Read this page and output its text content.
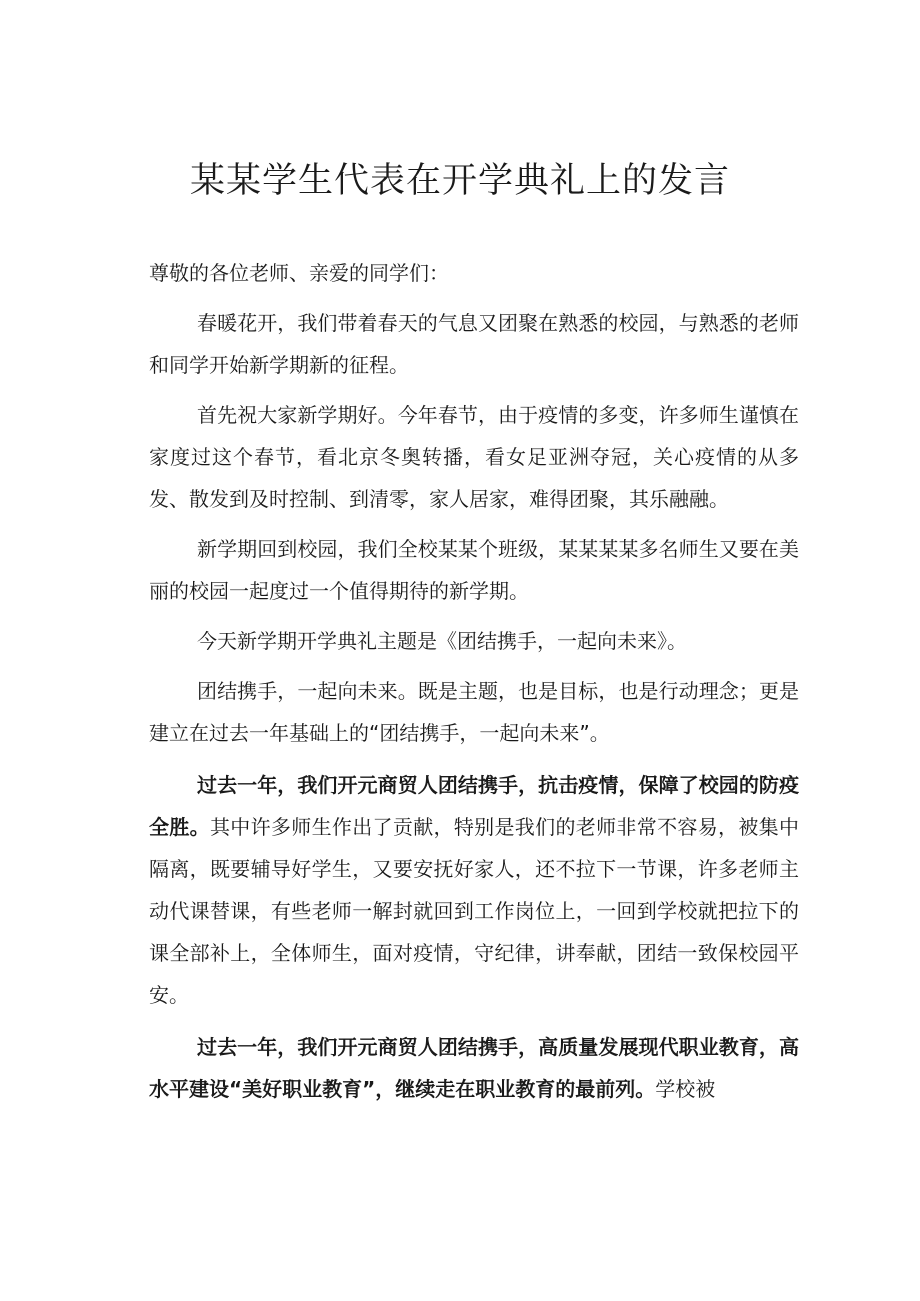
某某学生代表在开学典礼上的发言

尊敬的各位老师、亲爱的同学们：

春暖花开，我们带着春天的气息又团聚在熟悉的校园，与熟悉的老师和同学开始新学期新的征程。

首先祝大家新学期好。今年春节，由于疫情的多变，许多师生谨慎在家度过这个春节，看北京冬奥转播，看女足亚洲夺冠，关心疫情的从多发、散发到及时控制、到清零，家人居家，难得团聚，其乐融融。

新学期回到校园，我们全校某某个班级，某某某某多名师生又要在美丽的校园一起度过一个值得期待的新学期。

今天新学期开学典礼主题是《团结携手，一起向未来》。

团结携手，一起向未来。既是主题，也是目标，也是行动理念；更是建立在过去一年基础上的“团结携手，一起向未来”。

过去一年，我们开元商贸人团结携手，抗击疫情，保障了校园的防疫全胜。其中许多师生作出了贡献，特别是我们的老师非常不容易，被集中隔离，既要辅导好学生，又要安抚好家人，还不拉下一节课，许多老师主动代课替课，有些老师一解封就回到工作岗位上，一回到学校就把拉下的课全部补上，全体师生，面对疫情，守纪律，讲奉献，团结一致保校园平安。

过去一年，我们开元商贸人团结携手，高质量发展现代职业教育，高水平建设“美好职业教育”，继续走在职业教育的最前列。学校被
